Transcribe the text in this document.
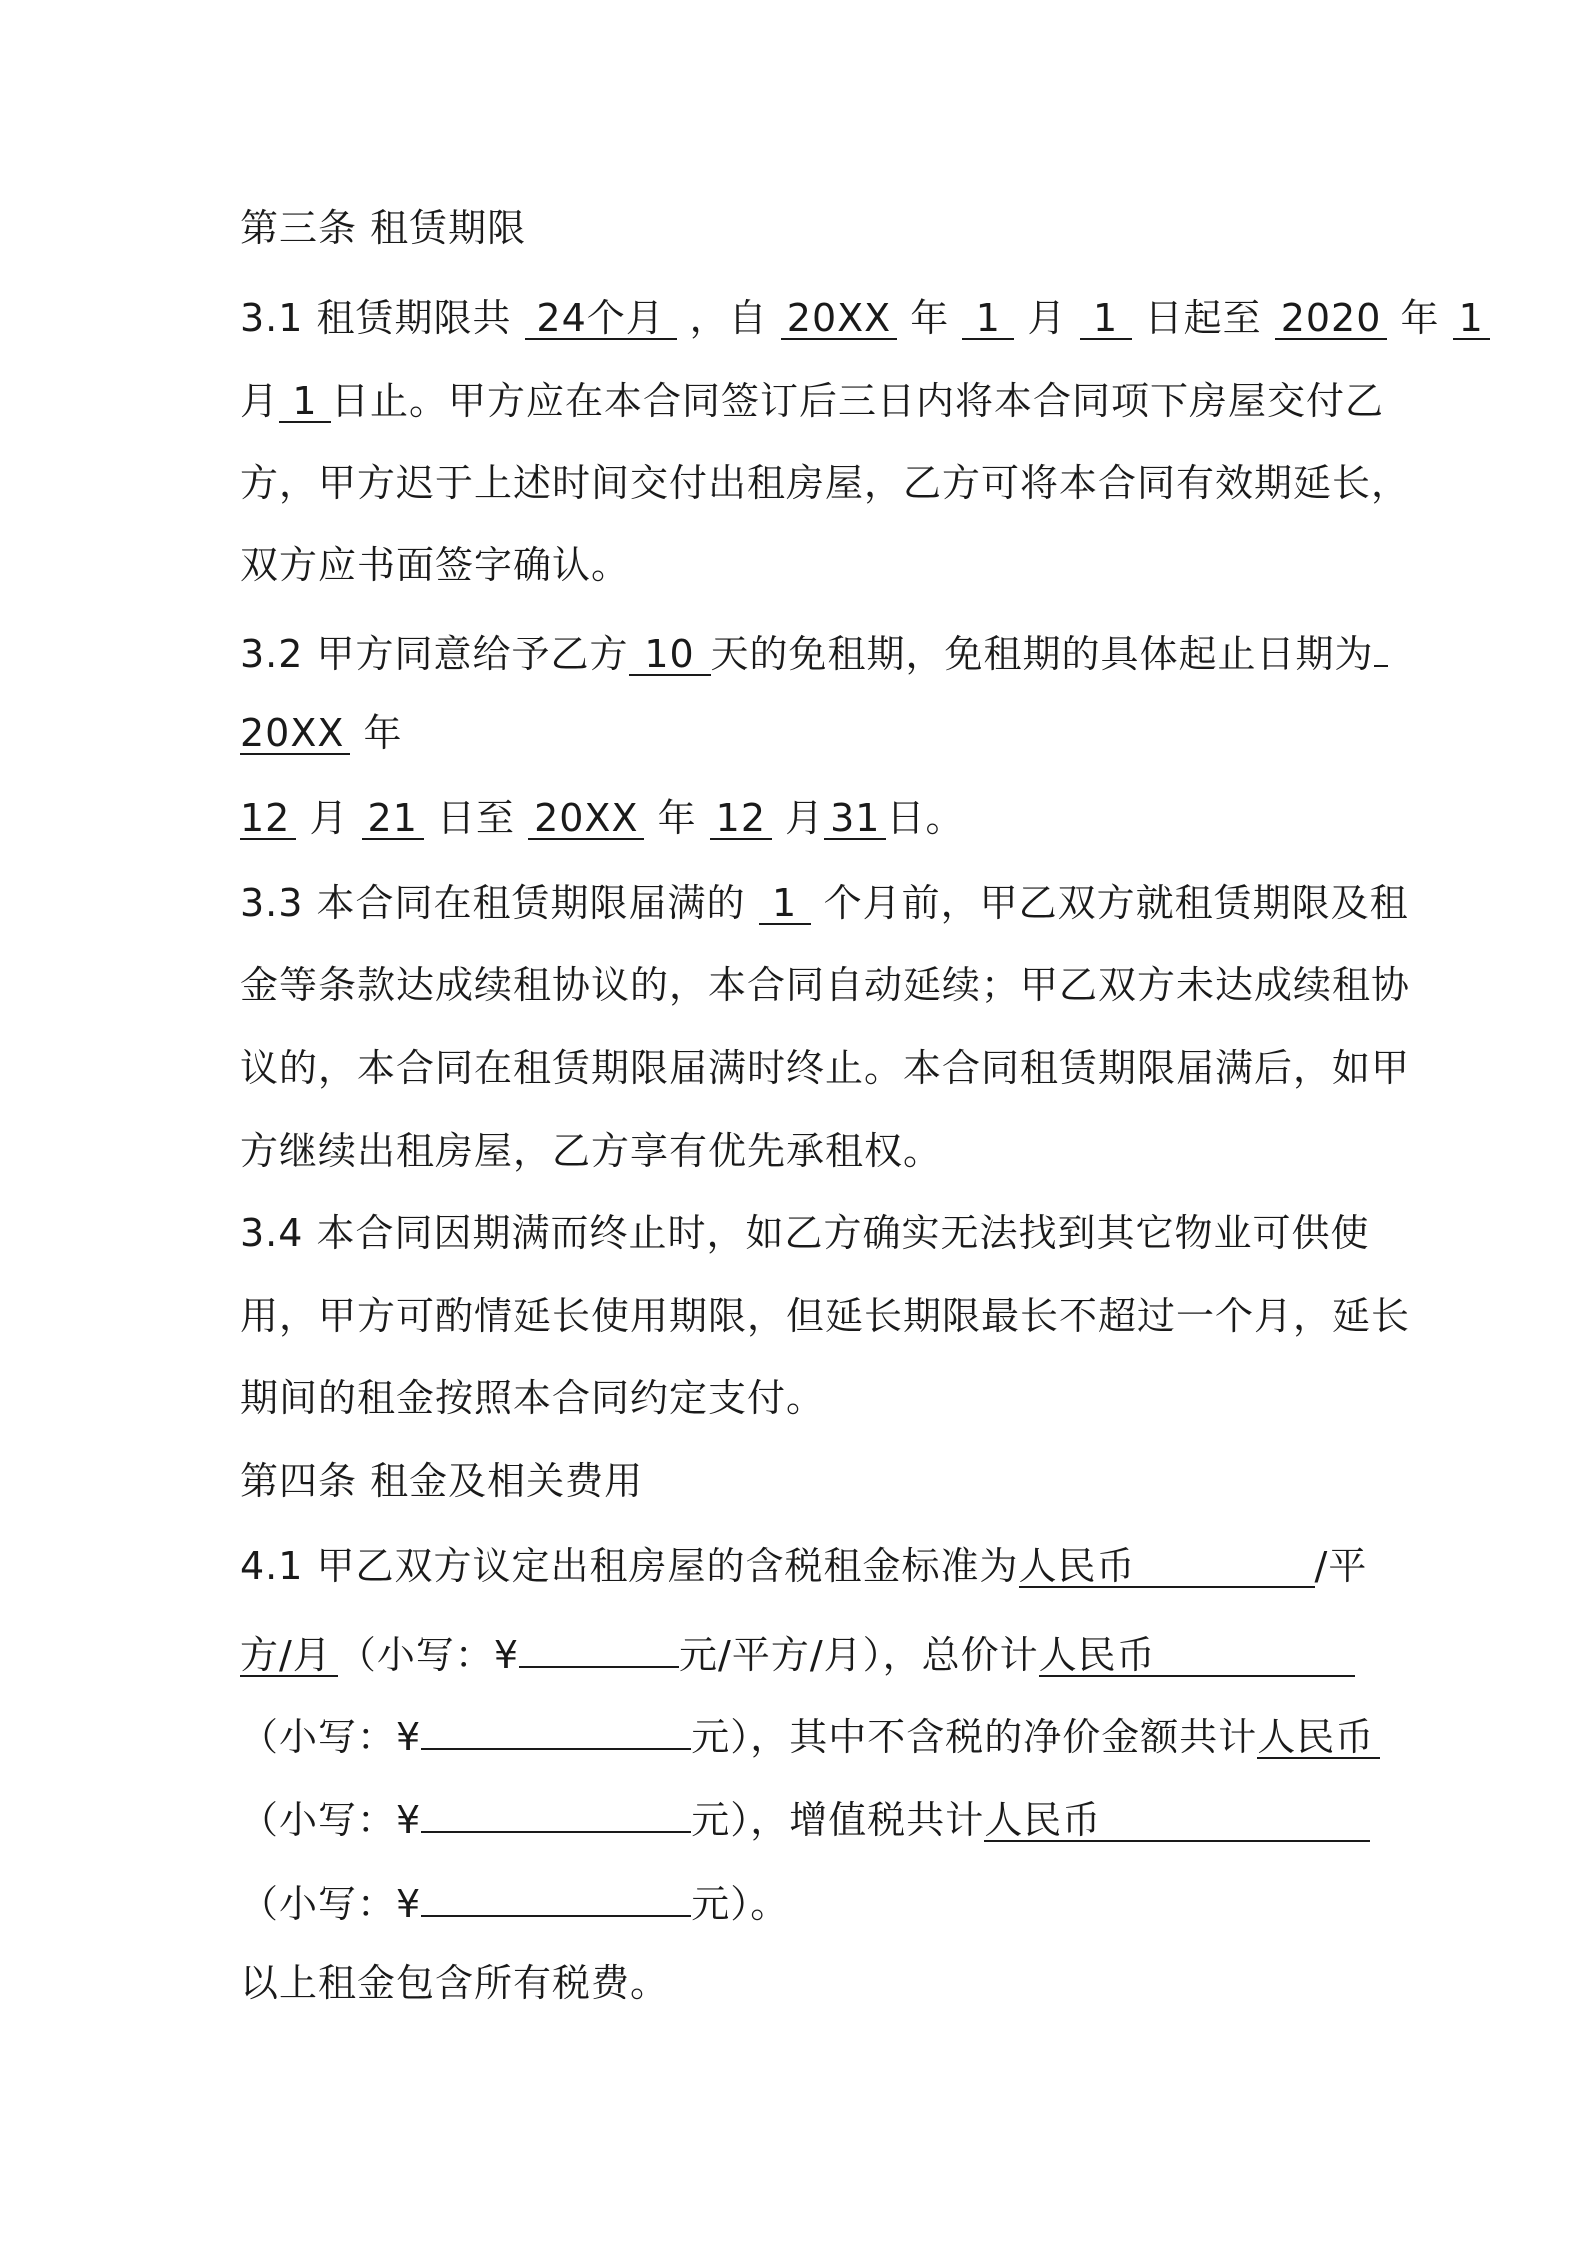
第三条 租赁期限
3.1 租赁期限共 24个月 ，自 20XX 年 1 月 1 日起至 2020 年 1
月 1 日止。甲方应在本合同签订后三日内将本合同项下房屋交付乙
方，甲方迟于上述时间交付出租房屋，乙方可将本合同有效期延长，
双方应书面签字确认。
3.2 甲方同意给予乙方 10 天的免租期，免租期的具体起止日期为
20XX 年
12 月 21 日至 20XX 年 12 月 31 日。
3.3 本合同在租赁期限届满的 1 个月前，甲乙双方就租赁期限及租
金等条款达成续租协议的，本合同自动延续；甲乙双方未达成续租协
议的，本合同在租赁期限届满时终止。本合同租赁期限届满后，如甲
方继续出租房屋，乙方享有优先承租权。
3.4 本合同因期满而终止时，如乙方确实无法找到其它物业可供使
用，甲方可酌情延长使用期限，但延长期限最长不超过一个月，延长
期间的租金按照本合同约定支付。
第四条 租金及相关费用
4.1 甲乙双方议定出租房屋的含税租金标准为人民币	/平
方/月 （小写：¥	元/平方/月），总价计人民币
（小写：¥	元），其中不含税的净价金额共计人民币
（小写：¥	元），增值税共计人民币
（小写：¥	元）。
以上租金包含所有税费。
